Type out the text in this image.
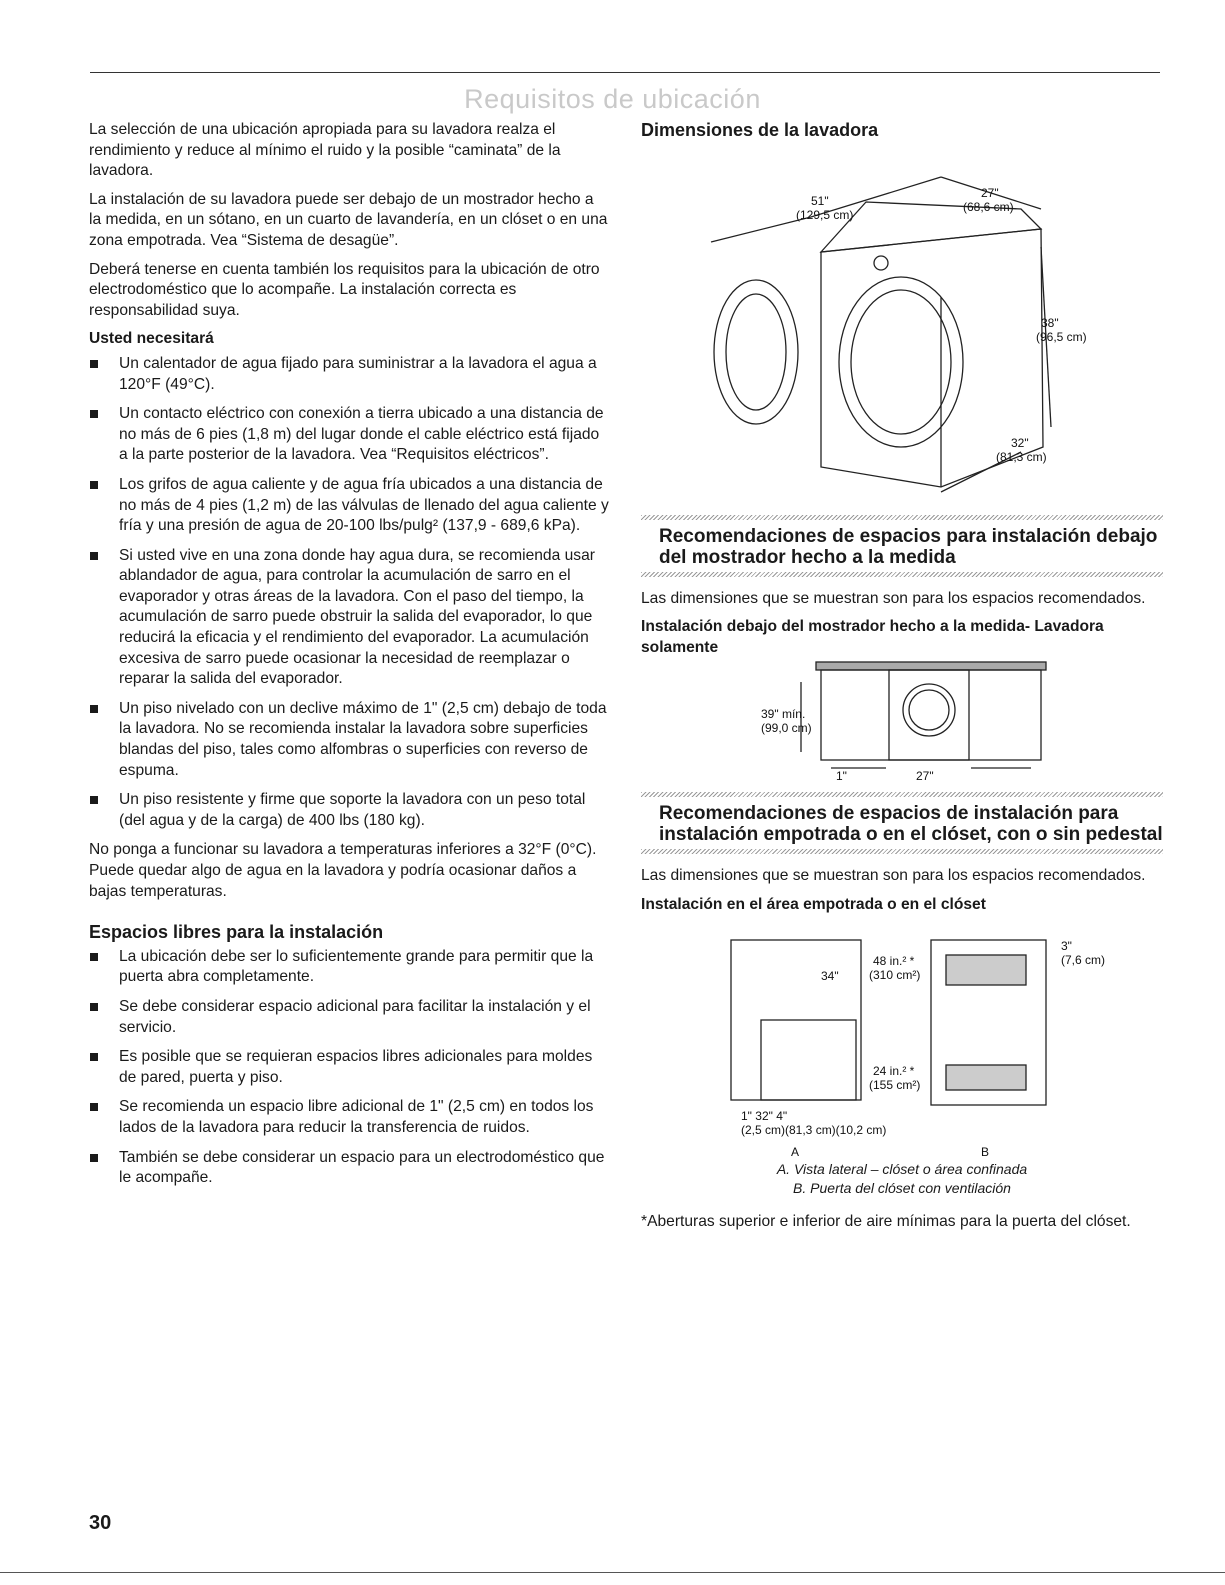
Requisitos de ubicación

La selección de una ubicación apropiada para su lavadora realza el rendimiento y reduce al mínimo el ruido y la posible “caminata” de la lavadora.

La instalación de su lavadora puede ser debajo de un mostrador hecho a la medida, en un sótano, en un cuarto de lavandería, en un clóset o en una zona empotrada. Vea “Sistema de desagüe”.

Deberá tenerse en cuenta también los requisitos para la ubicación de otro electrodoméstico que lo acompañe. La instalación correcta es responsabilidad suya.

Usted necesitará
Un calentador de agua fijado para suministrar a la lavadora el agua a 120°F (49°C).
Un contacto eléctrico con conexión a tierra ubicado a una distancia de no más de 6 pies (1,8 m) del lugar donde el cable eléctrico está fijado a la parte posterior de la lavadora. Vea “Requisitos eléctricos”.
Los grifos de agua caliente y de agua fría ubicados a una distancia de no más de 4 pies (1,2 m) de las válvulas de llenado del agua caliente y fría y una presión de agua de 20-100 lbs/pulg² (137,9 - 689,6 kPa).
Si usted vive en una zona donde hay agua dura, se recomienda usar ablandador de agua, para controlar la acumulación de sarro en el evaporador y otras áreas de la lavadora. Con el paso del tiempo, la acumulación de sarro puede obstruir la salida del evaporador, lo que reducirá la eficacia y el rendimiento del evaporador. La acumulación excesiva de sarro puede ocasionar la necesidad de reemplazar o reparar la salida del evaporador.
Un piso nivelado con un declive máximo de 1" (2,5 cm) debajo de toda la lavadora. No se recomienda instalar la lavadora sobre superficies blandas del piso, tales como alfombras o superficies con reverso de espuma.
Un piso resistente y firme que soporte la lavadora con un peso total (del agua y de la carga) de 400 lbs (180 kg).

No ponga a funcionar su lavadora a temperaturas inferiores a 32°F (0°C). Puede quedar algo de agua en la lavadora y podría ocasionar daños a bajas temperaturas.

Espacios libres para la instalación
La ubicación debe ser lo suficientemente grande para permitir que la puerta abra completamente.
Se debe considerar espacio adicional para facilitar la instalación y el servicio.
Es posible que se requieran espacios libres adicionales para moldes de pared, puerta y piso.
Se recomienda un espacio libre adicional de 1" (2,5 cm) en todos los lados de la lavadora para reducir la transferencia de ruidos.
También se debe considerar un espacio para un electrodoméstico que le acompañe.
Dimensiones de la lavadora
51"
(129,5 cm)
27"
(68,6 cm)
38"
(96,5 cm)
32"
(81,3 cm)
Recomendaciones de espacios para instalación debajo del mostrador hecho a la medida

Las dimensiones que se muestran son para los espacios recomendados.

Instalación debajo del mostrador hecho a la medida- Lavadora solamente
39" mín.
(99,0 cm)
1"	27"
Recomendaciones de espacios de instalación para instalación empotrada o en el clóset, con o sin pedestal

Las dimensiones que se muestran son para los espacios recomendados.

Instalación en el área empotrada o en el clóset
34"
48 in.² *
(310 cm²)
24 in.² *
(155 cm²)
3"
(7,6 cm)
1" 32" 4"
(2,5 cm)(81,3 cm)(10,2 cm)
A	B
A. Vista lateral – clóset o área confinada
B. Puerta del clóset con ventilación

*Aberturas superior e inferior de aire mínimas para la puerta del clóset.

30
